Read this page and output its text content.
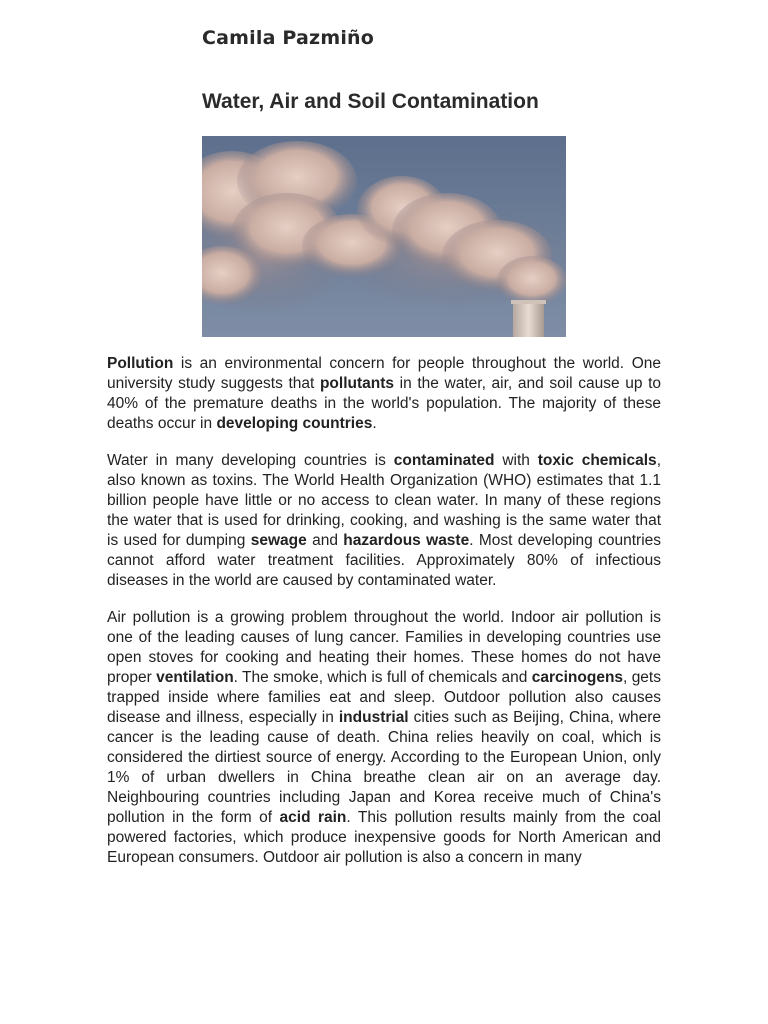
Camila Pazmiño
Water, Air and Soil Contamination

Pollution is an environmental concern for people throughout the world. One university study suggests that pollutants in the water, air, and soil cause up to 40% of the premature deaths in the world's population. The majority of these deaths occur in developing countries.

Water in many developing countries is contaminated with toxic chemicals, also known as toxins. The World Health Organization (WHO) estimates that 1.1 billion people have little or no access to clean water. In many of these regions the water that is used for drinking, cooking, and washing is the same water that is used for dumping sewage and hazardous waste. Most developing countries cannot afford water treatment facilities. Approximately 80% of infectious diseases in the world are caused by contaminated water.

Air pollution is a growing problem throughout the world. Indoor air pollution is one of the leading causes of lung cancer. Families in developing countries use open stoves for cooking and heating their homes. These homes do not have proper ventilation. The smoke, which is full of chemicals and carcinogens, gets trapped inside where families eat and sleep. Outdoor pollution also causes disease and illness, especially in industrial cities such as Beijing, China, where cancer is the leading cause of death. China relies heavily on coal, which is considered the dirtiest source of energy. According to the European Union, only 1% of urban dwellers in China breathe clean air on an average day. Neighbouring countries including Japan and Korea receive much of China's pollution in the form of acid rain. This pollution results mainly from the coal powered factories, which produce inexpensive goods for North American and European consumers. Outdoor air pollution is also a concern in many
